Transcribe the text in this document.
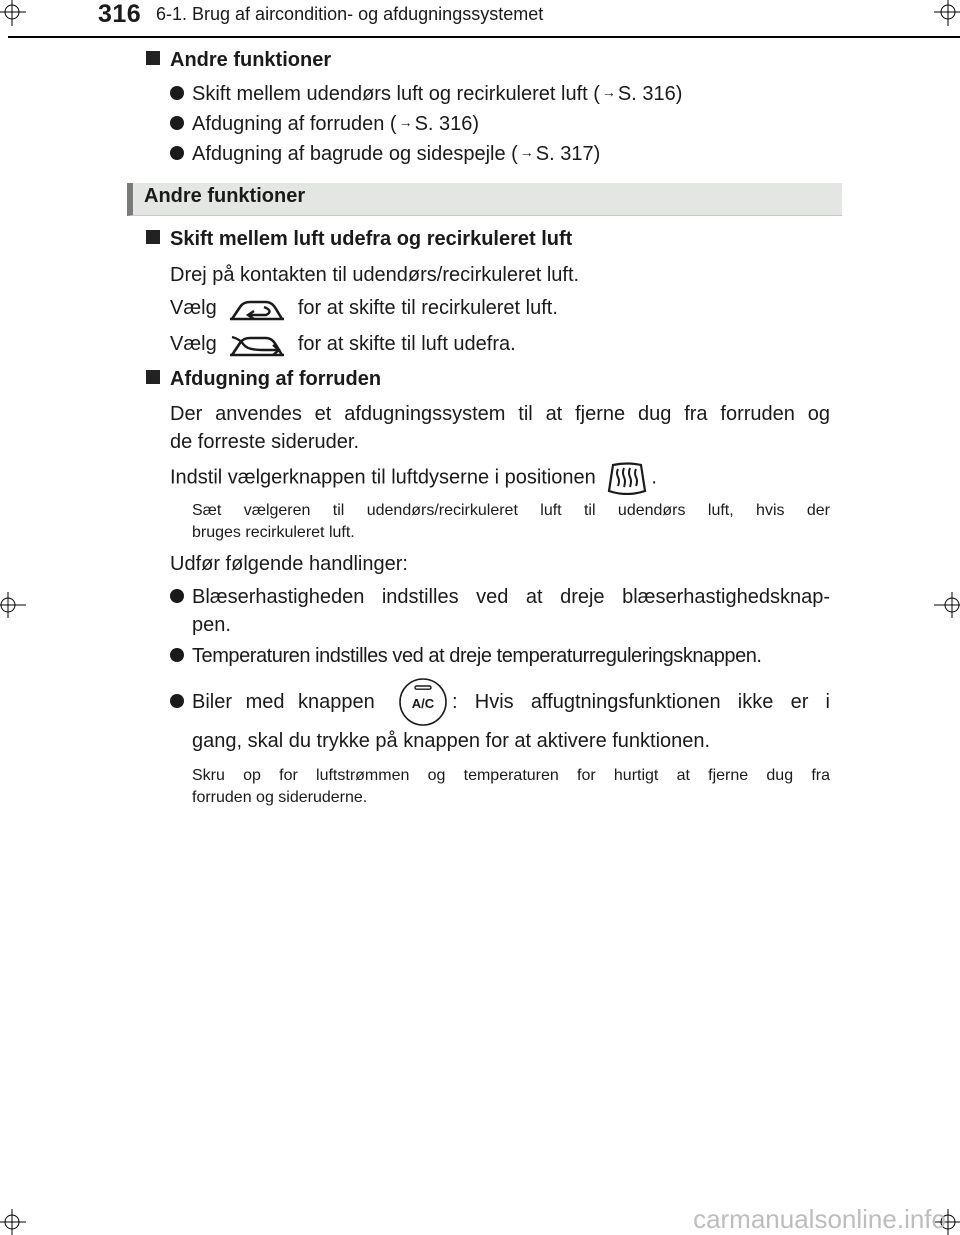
316 6-1. Brug af aircondition- og afdugningssystemet
Andre funktioner
Skift mellem udendørs luft og recirkuleret luft ( → S. 316)
Afdugning af forruden ( → S. 316)
Afdugning af bagrude og sidespejle ( → S. 317)
Andre funktioner
Skift mellem luft udefra og recirkuleret luft
Drej på kontakten til udendørs/recirkuleret luft.
Vælg	for at skifte til recirkuleret luft.
Vælg	for at skifte til luft udefra.
Afdugning af forruden
Der anvendes et afdugningssystem til at fjerne dug fra forruden og
de forreste sideruder.
Indstil vælgerknappen til luftdyserne i positionen	.
Sæt vælgeren til udendørs/recirkuleret luft til udendørs luft, hvis der
bruges recirkuleret luft.
Udfør følgende handlinger:
Blæserhastigheden indstilles ved at dreje blæserhastighedsknap-
pen.
Temperaturen indstilles ved at dreje temperaturreguleringsknappen.
Biler med knappen	A/C : Hvis affugtningsfunktionen ikke er i
gang, skal du trykke på knappen for at aktivere funktionen.
Skru op for luftstrømmen og temperaturen for hurtigt at fjerne dug fra
forruden og sideruderne.
carmanualsonline.info
